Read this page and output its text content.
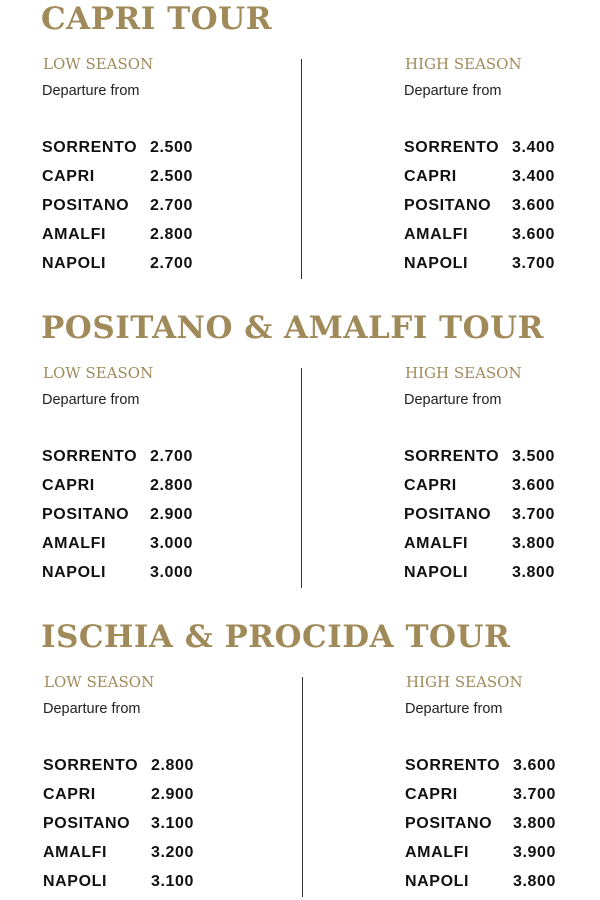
CAPRI TOUR
LOW SEASON
Departure from
SORRENTO 2.500
CAPRI	2.500
POSITANO 2.700
AMALFI	2.800
NAPOLI	2.700
HIGH SEASON
Departure from
SORRENTO 3.400
CAPRI	3.400
POSITANO 3.600
AMALFI	3.600
NAPOLI	3.700
POSITANO & AMALFI TOUR
LOW SEASON
Departure from
SORRENTO 2.700
CAPRI	2.800
POSITANO 2.900
AMALFI	3.000
NAPOLI	3.000
HIGH SEASON
Departure from
SORRENTO 3.500
CAPRI	3.600
POSITANO 3.700
AMALFI	3.800
NAPOLI	3.800
ISCHIA & PROCIDA TOUR
LOW SEASON
Departure from
SORRENTO 2.800
CAPRI	2.900
POSITANO 3.100
AMALFI	3.200
NAPOLI	3.100
HIGH SEASON
Departure from
SORRENTO 3.600
CAPRI	3.700
POSITANO 3.800
AMALFI	3.900
NAPOLI	3.800
